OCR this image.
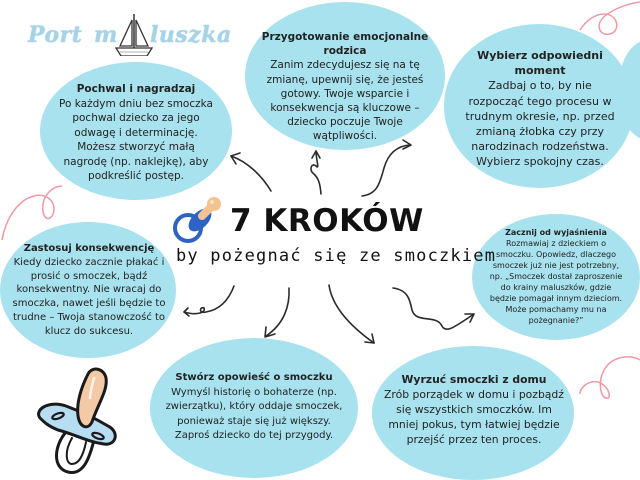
Port m luszka
Pochwal i nagradzaj
Po każdym dniu bez smoczka
pochwal dziecko za jego
odwagę i determinację.
Możesz stworzyć małą
nagrodę (np. naklejkę), aby
podkreślić postęp.
Przygotowanie emocjonalne
rodzica
Zanim zdecydujesz się na tę
zmianę, upewnij się, że jesteś
gotowy. Twoje wsparcie i
konsekwencja są kluczowe –
dziecko poczuje Twoje
wątpliwości.
Wybierz odpowiedni
moment
Zadbaj o to, by nie
rozpocząć tego procesu w
trudnym okresie, np. przed
zmianą żłobka czy przy
narodzinach rodzeństwa.
Wybierz spokojny czas.
Zastosuj konsekwencję
Kiedy dziecko zacznie płakać i
prosić o smoczek, bądź
konsekwentny. Nie wracaj do
smoczka, nawet jeśli będzie to
trudne – Twoja stanowczość to
klucz do sukcesu.
Zacznij od wyjaśnienia
Rozmawiaj z dzieckiem o
smoczku. Opowiedz, dlaczego
smoczek już nie jest potrzebny,
np. „Smoczek dostał zaproszenie
do krainy maluszków, gdzie
będzie pomagał innym dzieciom.
Może pomachamy mu na
pożegnanie?”
Stwórz opowieść o smoczku
Wymyśl historię o bohaterze (np.
zwierzątku), który oddaje smoczek,
ponieważ staje się już większy.
Zaproś dziecko do tej przygody.
Wyrzuć smoczki z domu
Zrób porządek w domu i pozbądź
się wszystkich smoczków. Im
mniej pokus, tym łatwiej będzie
przejść przez ten proces.
7 KROKÓW
by pożegnać się ze smoczkiem
